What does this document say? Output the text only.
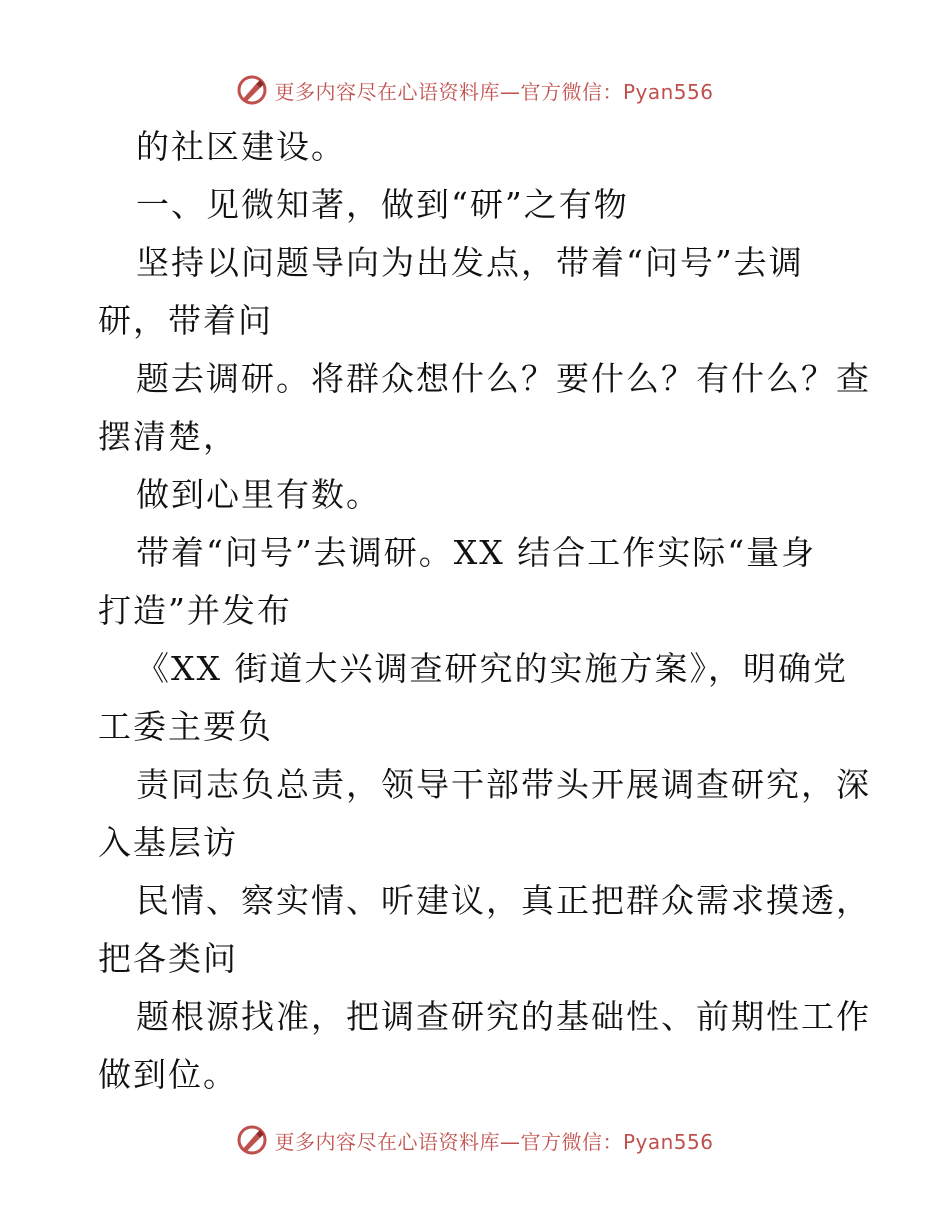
更多内容尽在心语资料库—官方微信：Pyan556
的社区建设。
一、见微知著，做到“研”之有物
坚持以问题导向为出发点，带着“问号”去调
研，带着问
题去调研。将群众想什么？要什么？有什么？查
摆清楚，
做到心里有数。
带着“问号”去调研。XX 结合工作实际“量身
打造”并发布
《XX 街道大兴调查研究的实施方案》，明确党
工委主要负
责同志负总责，领导干部带头开展调查研究，深
入基层访
民情、察实情、听建议，真正把群众需求摸透，
把各类问
题根源找准，把调查研究的基础性、前期性工作
做到位。
更多内容尽在心语资料库—官方微信：Pyan556
